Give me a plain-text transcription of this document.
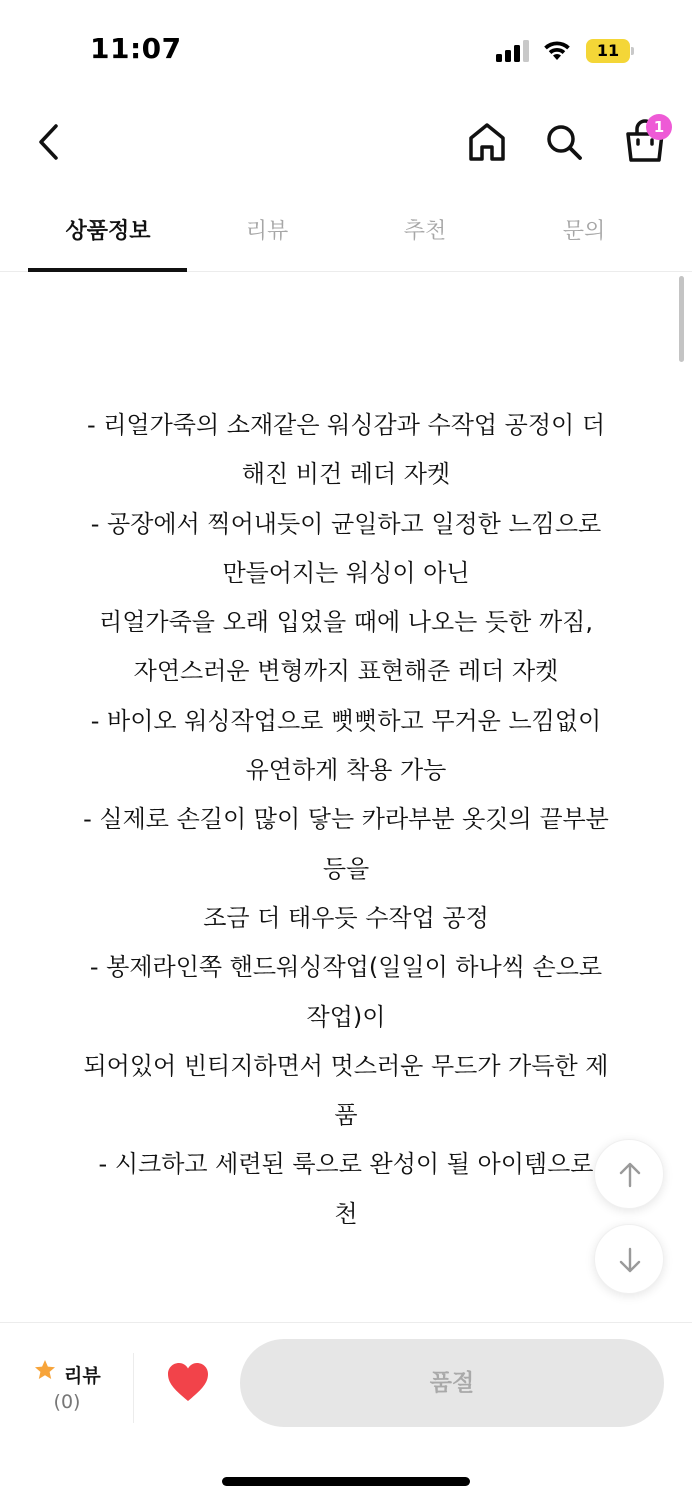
11:07	11
1
상품정보	리뷰	추천	문의
- 리얼가죽의 소재같은 워싱감과 수작업 공정이 더
해진 비건 레더 자켓
- 공장에서 찍어내듯이 균일하고 일정한 느낌으로
만들어지는 워싱이 아닌
리얼가죽을 오래 입었을 때에 나오는 듯한 까짐,
자연스러운 변형까지 표현해준 레더 자켓
- 바이오 워싱작업으로 뻣뻣하고 무거운 느낌없이
유연하게 착용 가능
- 실제로 손길이 많이 닿는 카라부분 옷깃의 끝부분
등을
조금 더 태우듯 수작업 공정
- 봉제라인쪽 핸드워싱작업(일일이 하나씩 손으로
작업)이
되어있어 빈티지하면서 멋스러운 무드가 가득한 제
품
- 시크하고 세련된 룩으로 완성이 될 아이템으로
천
리뷰
(0)
품절
